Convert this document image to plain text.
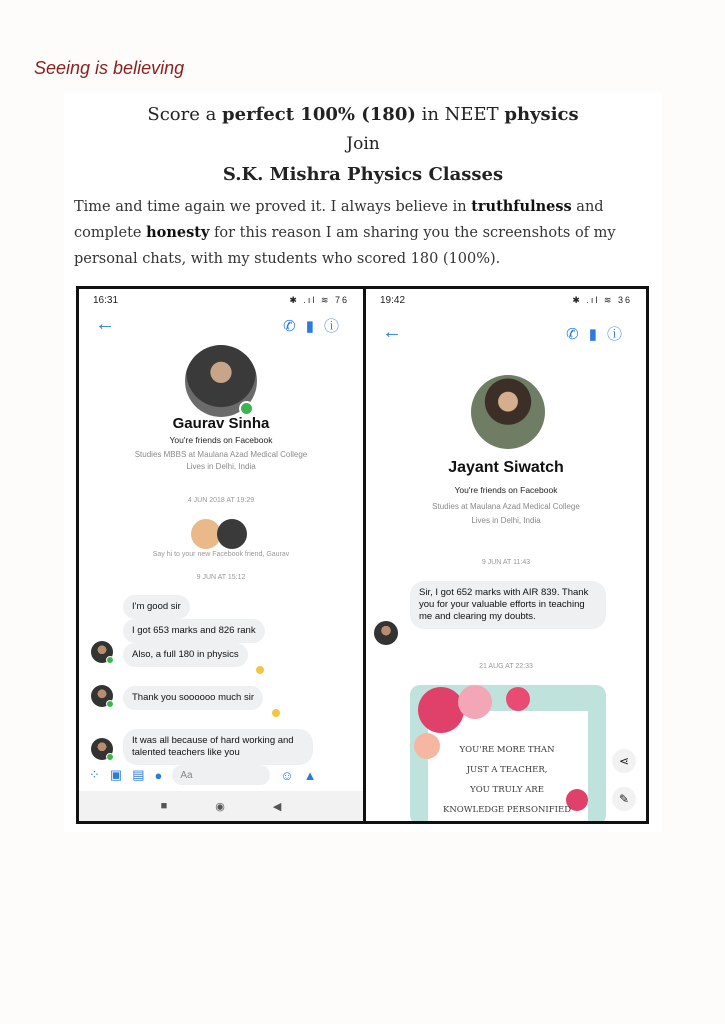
Seeing is believing
Score a perfect 100% (180) in NEET physics
Join
S.K. Mishra Physics Classes
Time and time again we proved it. I always believe in truthfulness and complete honesty for this reason I am sharing you the screenshots of my personal chats, with my students who scored 180 (100%).
16:31	✱ .ıl ≋ 76
←	✆▮ⓘ
Gaurav Sinha
You're friends on Facebook
Studies MBBS at Maulana Azad Medical College
Lives in Delhi, India
4 JUN 2018 AT 19:29
Say hi to your new Facebook friend, Gaurav
9 JUN AT 15:12
I'm good sir
I got 653 marks and 826 rank
Also, a full 180 in physics
Thank you soooooo much sir
It was all because of hard working and talented teachers like you
⁘ ▣ ▤ ●	Aa	☺ ▲
■	◉	◀
19:42	✱ .ıl ≋ 36
←	✆▮ⓘ
Jayant Siwatch
You're friends on Facebook
Studies at Maulana Azad Medical College
Lives in Delhi, India
9 JUN AT 11:43
Sir, I got 652 marks with AIR 839. Thank you for your valuable efforts in teaching me and clearing my doubts.
21 AUG AT 22:33
YOU'RE MORE THAN
JUST A TEACHER,
YOU TRULY ARE
KNOWLEDGE PERSONIFIED
⋖
✎
